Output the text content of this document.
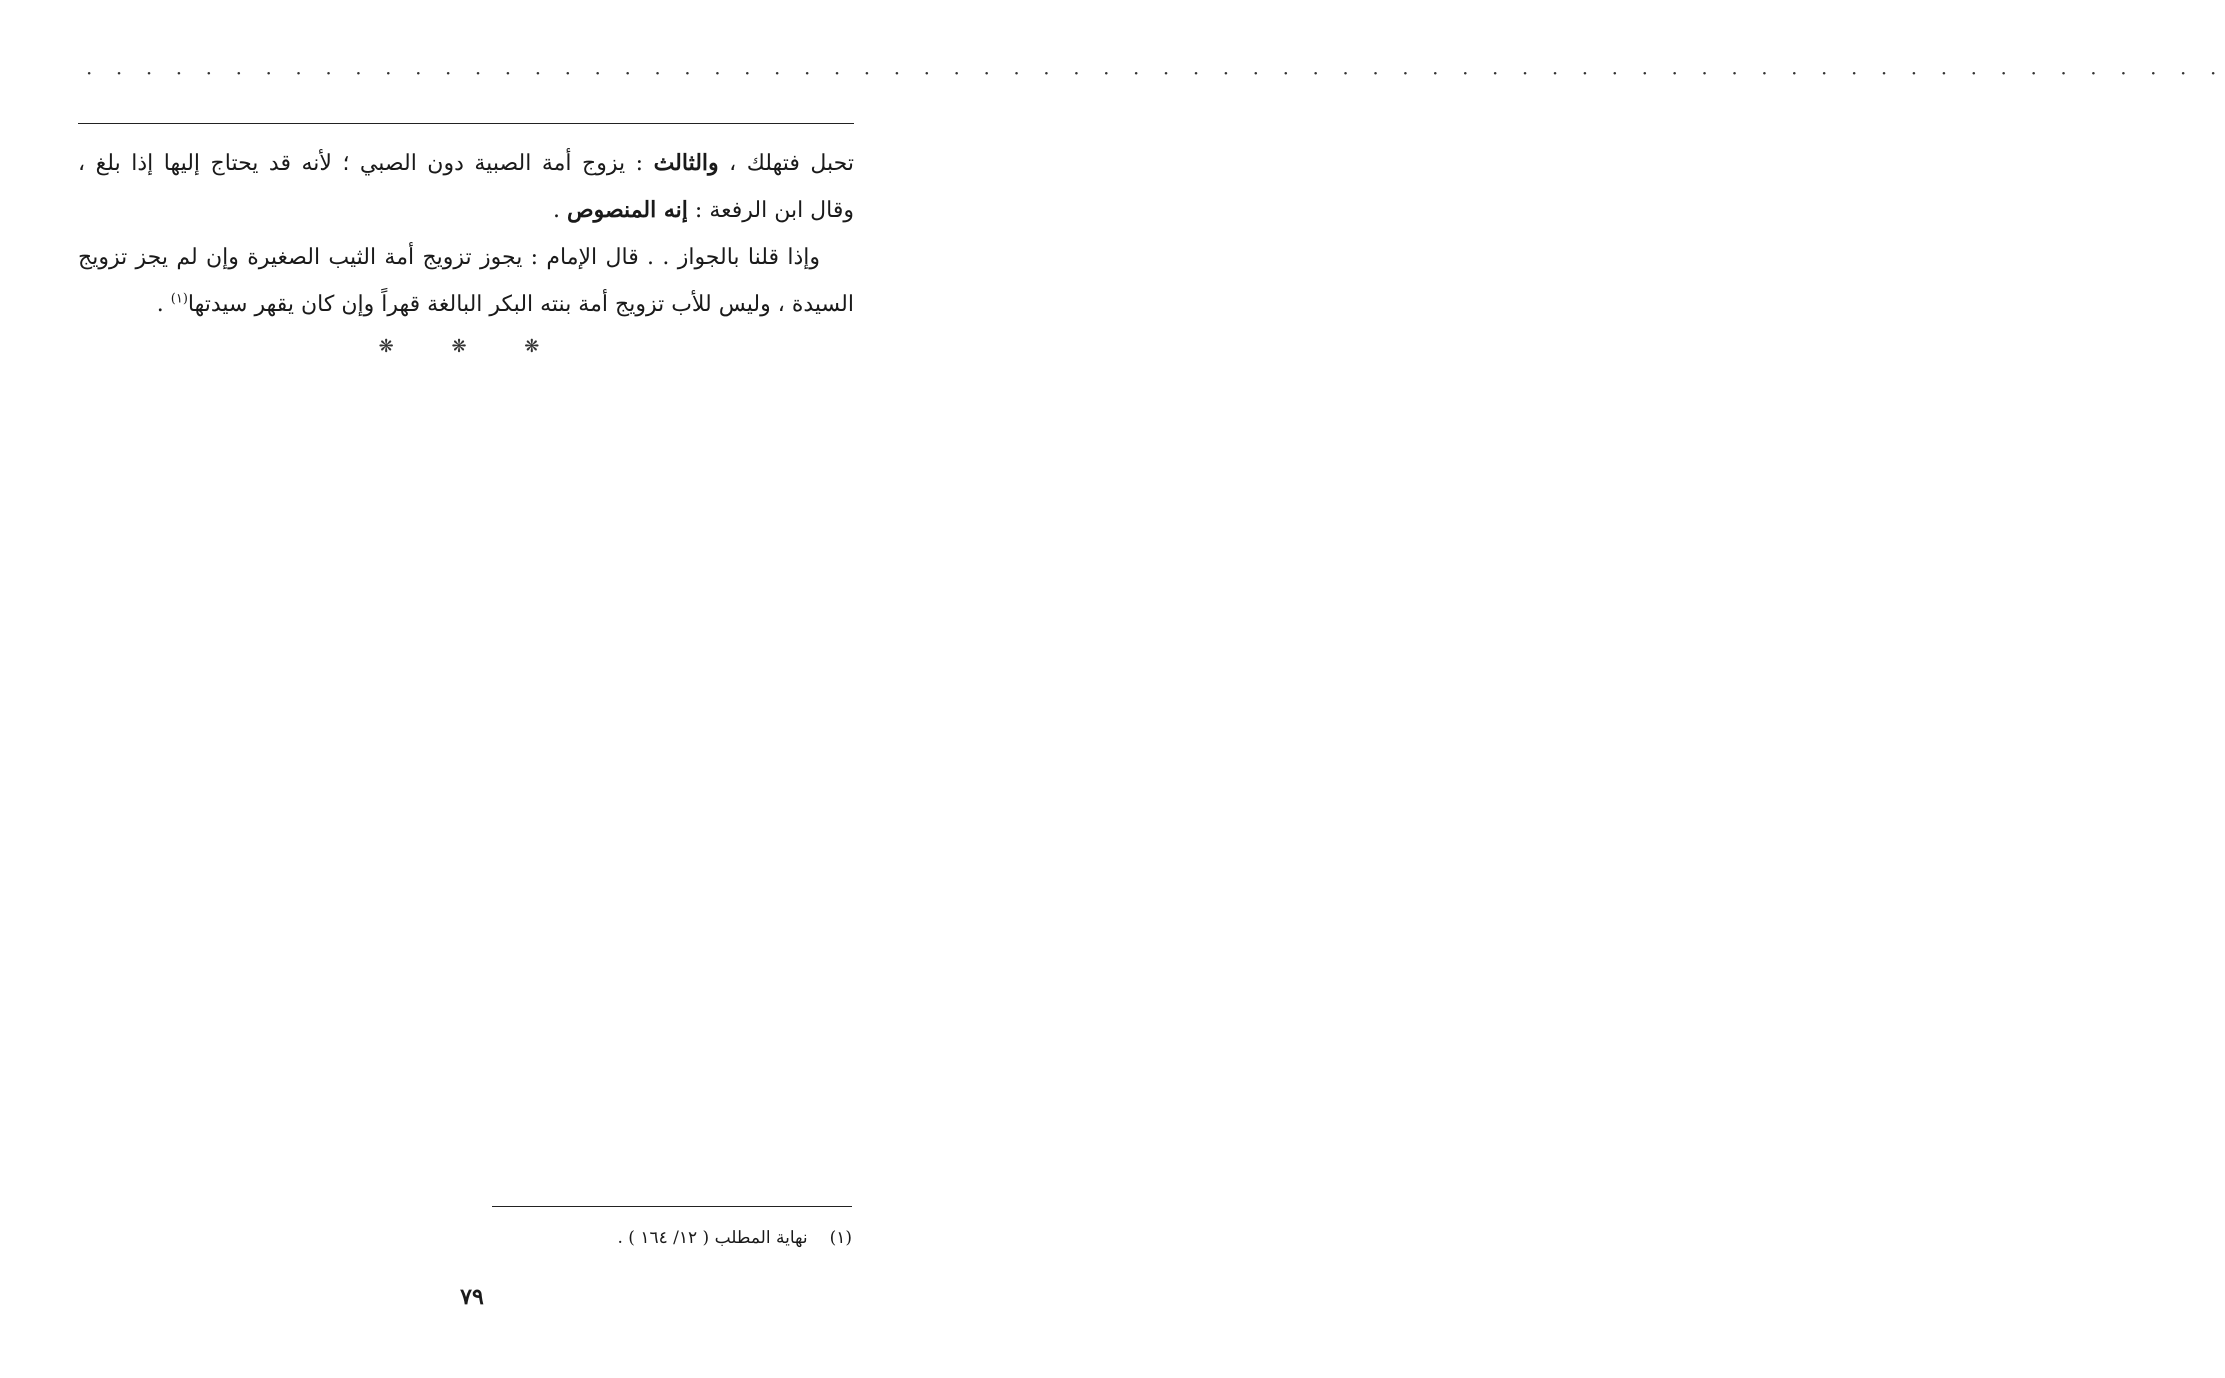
· · · · · · · · · · · · · · · · · · · · · · · · · · · · · · · · · · · · · · · · · · · · · · · · · · · · · · · · · · · · · · · · · · · · · · · ·
تحبل فتهلك ، والثالث : يزوج أمة الصبية دون الصبي ؛ لأنه قد يحتاج إليها إذا بلغ ،
وقال ابن الرفعة : إنه المنصوص .
وإذا قلنا بالجواز . . قال الإمام : يجوز تزويج أمة الثيب الصغيرة وإن لم يجز تزويج
السيدة ، وليس للأب تزويج أمة بنته البكر البالغة قهراً وإن كان يقهر سيدتها$^{(١)}$ .
❋ ❋ ❋
(١)نهاية المطلب ( ١٢/ ١٦٤ ) .
٧٩
